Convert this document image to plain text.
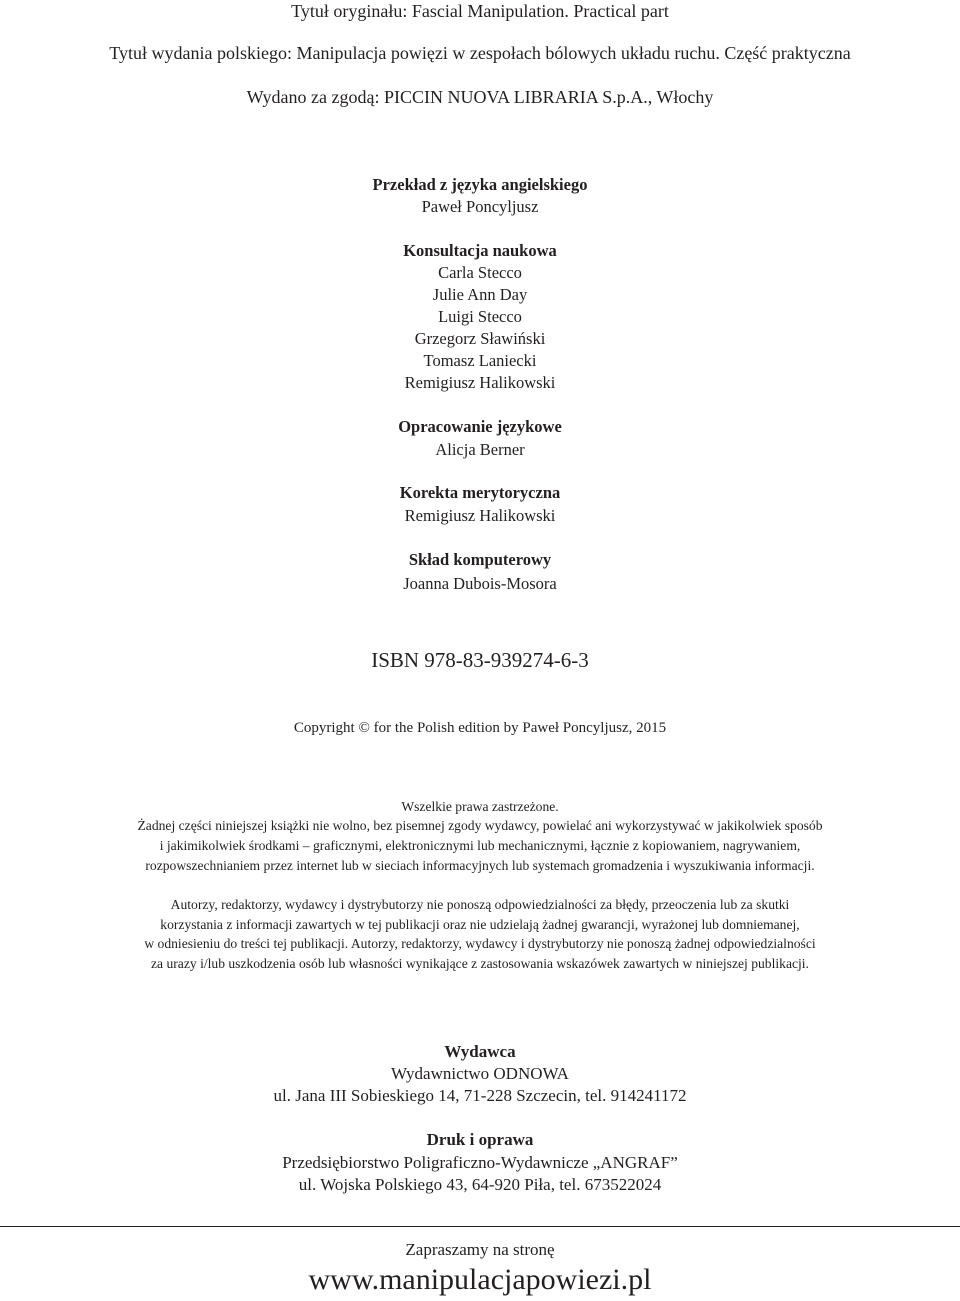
Tytuł oryginału: Fascial Manipulation. Practical part
Tytuł wydania polskiego: Manipulacja powięzi w zespołach bólowych układu ruchu. Część praktyczna
Wydano za zgodą: PICCIN NUOVA LIBRARIA S.p.A., Włochy
Przekład z języka angielskiego
Paweł Poncyljusz
Konsultacja naukowa
Carla Stecco
Julie Ann Day
Luigi Stecco
Grzegorz Sławiński
Tomasz Laniecki
Remigiusz Halikowski
Opracowanie językowe
Alicja Berner
Korekta merytoryczna
Remigiusz Halikowski
Skład komputerowy
Joanna Dubois-Mosora
ISBN 978-83-939274-6-3
Copyright © for the Polish edition by Paweł Poncyljusz, 2015
Wszelkie prawa zastrzeżone.
Żadnej części niniejszej książki nie wolno, bez pisemnej zgody wydawcy, powielać ani wykorzystywać w jakikolwiek sposób
i jakimikolwiek środkami – graficznymi, elektronicznymi lub mechanicznymi, łącznie z kopiowaniem, nagrywaniem,
rozpowszechnianiem przez internet lub w sieciach informacyjnych lub systemach gromadzenia i wyszukiwania informacji.
Autorzy, redaktorzy, wydawcy i dystrybutorzy nie ponoszą odpowiedzialności za błędy, przeoczenia lub za skutki
korzystania z informacji zawartych w tej publikacji oraz nie udzielają żadnej gwarancji, wyrażonej lub domniemanej,
w odniesieniu do treści tej publikacji. Autorzy, redaktorzy, wydawcy i dystrybutorzy nie ponoszą żadnej odpowiedzialności
za urazy i/lub uszkodzenia osób lub własności wynikające z zastosowania wskazówek zawartych w niniejszej publikacji.
Wydawca
Wydawnictwo ODNOWA
ul. Jana III Sobieskiego 14, 71-228 Szczecin, tel. 914241172
Druk i oprawa
Przedsiębiorstwo Poligraficzno-Wydawnicze „ANGRAF”
ul. Wojska Polskiego 43, 64-920 Piła, tel. 673522024
Zapraszamy na stronę
www.manipulacjapowiezi.pl
